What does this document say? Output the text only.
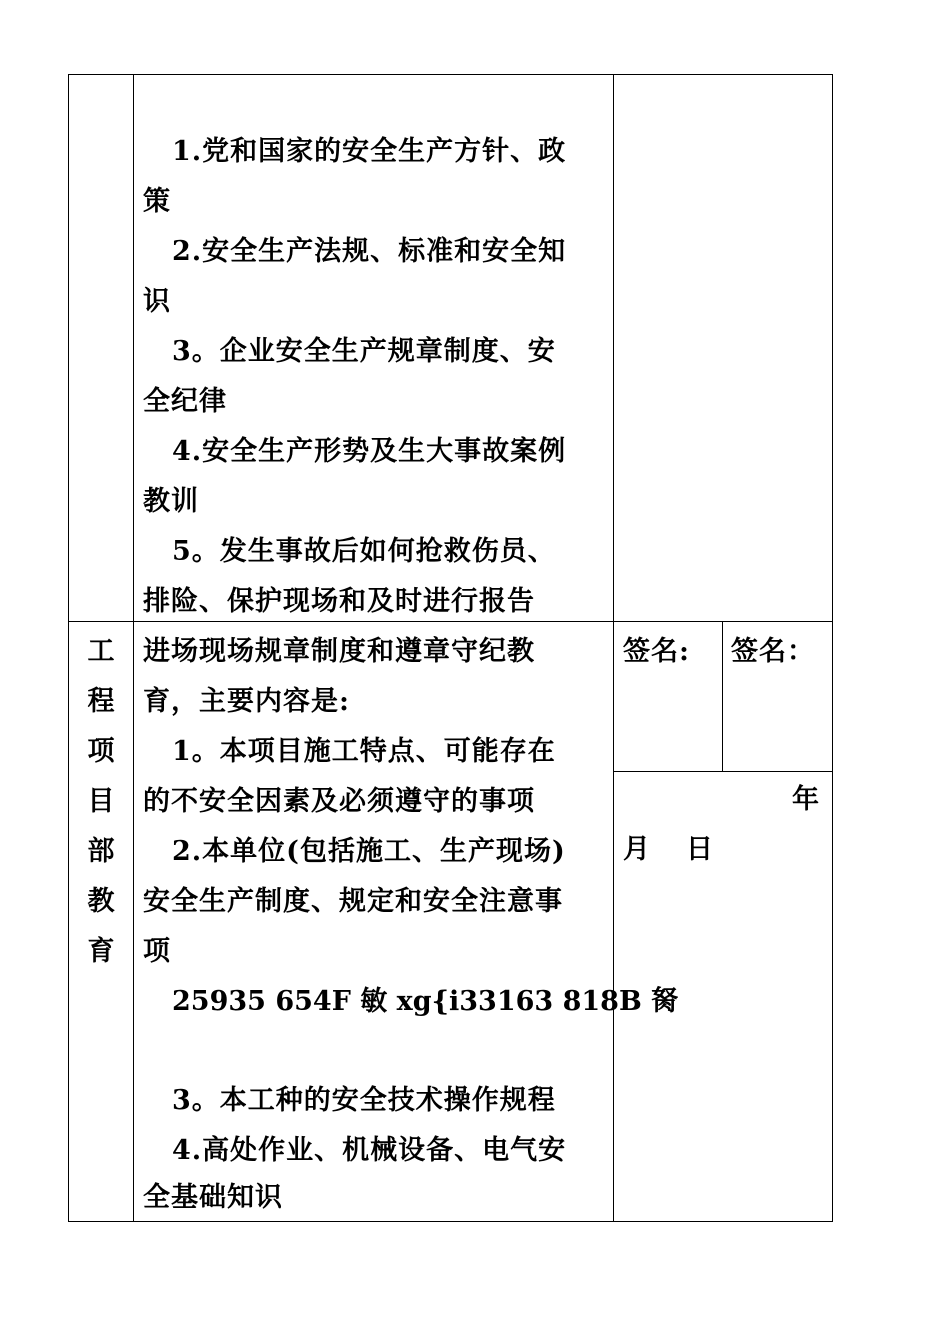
1.党和国家的安全生产方针、政
策
2.安全生产法规、标准和安全知
识
3。企业安全生产规章制度、安
全纪律
4.安全生产形势及生大事故案例
教训
5。发生事故后如何抢救伤员、
排险、保护现场和及时进行报告
工
程
项
目
部
教
育
进场现场规章制度和遵章守纪教
育，主要内容是:
1。本项目施工特点、可能存在
的不安全因素及必须遵守的事项
2.本单位(包括施工、生产现场)
安全生产制度、规定和安全注意事
项
25935 654F 敏 xg{i33163 818B 胬
3。本工种的安全技术操作规程
4.高处作业、机械设备、电气安
全基础知识
签名: 签名：
年
月 日
